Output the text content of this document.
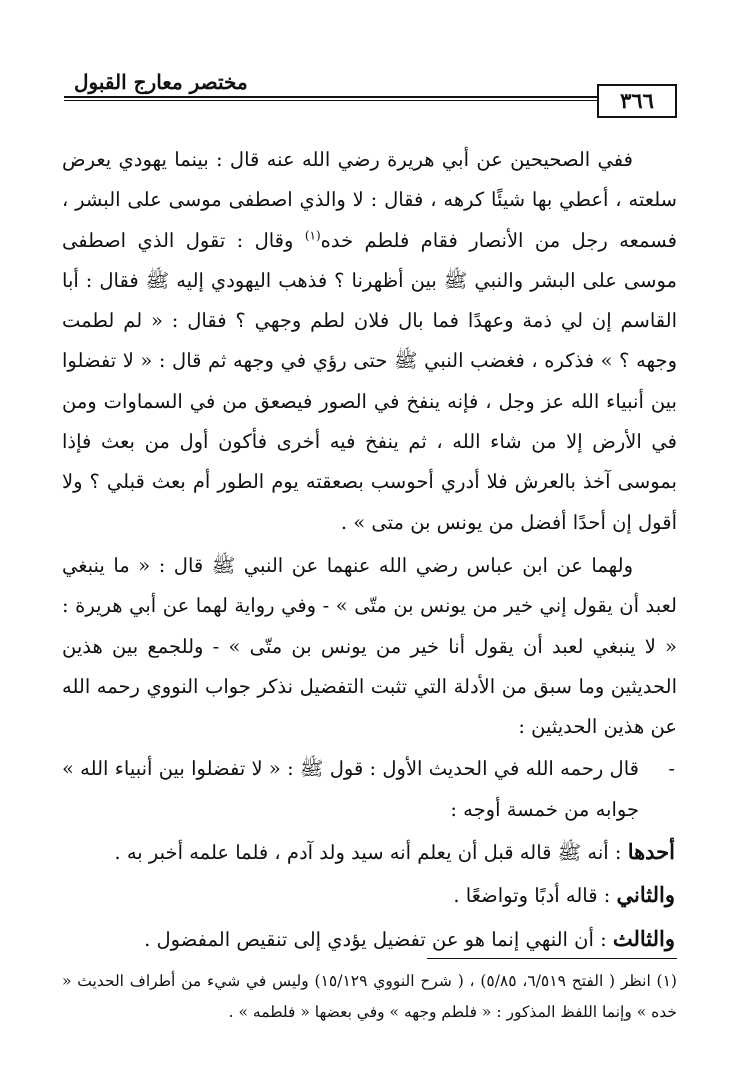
مختصر معارج القبول
٣٦٦

ففي الصحيحين عن أبي هريرة رضي الله عنه قال : بينما يهودي يعرض سلعته ، أعطي بها شيئًا كرهه ، فقال : لا والذي اصطفى موسى على البشر ، فسمعه رجل من الأنصار فقام فلطم خده$^{(١)}$ وقال : تقول الذي اصطفى موسى على البشر والنبي ﷺ بين أظهرنا ؟ فذهب اليهودي إليه ﷺ فقال : أبا القاسم إن لي ذمة وعهدًا فما بال فلان لطم وجهي ؟ فقال : « لم لطمت وجهه ؟ » فذكره ، فغضب النبي ﷺ حتى رؤي في وجهه ثم قال : « لا تفضلوا بين أنبياء الله عز وجل ، فإنه ينفخ في الصور فيصعق من في السماوات ومن في الأرض إلا من شاء الله ، ثم ينفخ فيه أخرى فأكون أول من بعث فإذا بموسى آخذ بالعرش فلا أدري أحوسب بصعقته يوم الطور أم بعث قبلي ؟ ولا أقول إن أحدًا أفضل من يونس بن متى » .

ولهما عن ابن عباس رضي الله عنهما عن النبي ﷺ قال : « ما ينبغي لعبد أن يقول إني خير من يونس بن متّى » - وفي رواية لهما عن أبي هريرة : « لا ينبغي لعبد أن يقول أنا خير من يونس بن متّى » - وللجمع بين هذين الحديثين وما سبق من الأدلة التي تثبت التفضيل نذكر جواب النووي رحمه الله عن هذين الحديثين :

-
قال رحمه الله في الحديث الأول : قول ﷺ : « لا تفضلوا بين أنبياء الله » جوابه من خمسة أوجه :

أحدها : أنه ﷺ قاله قبل أن يعلم أنه سيد ولد آدم ، فلما علمه أخبر به .

والثاني : قاله أدبًا وتواضعًا .

والثالث : أن النهي إنما هو عن تفضيل يؤدي إلى تنقيص المفضول .

(١) انظر ( الفتح ٦/٥١٩، ٥/٨٥) ، ( شرح النووي ١٥/١٢٩) وليس في شيء من أطراف الحديث « خده » وإنما اللفظ المذكور : « فلطم وجهه » وفي بعضها « فلطمه » .
